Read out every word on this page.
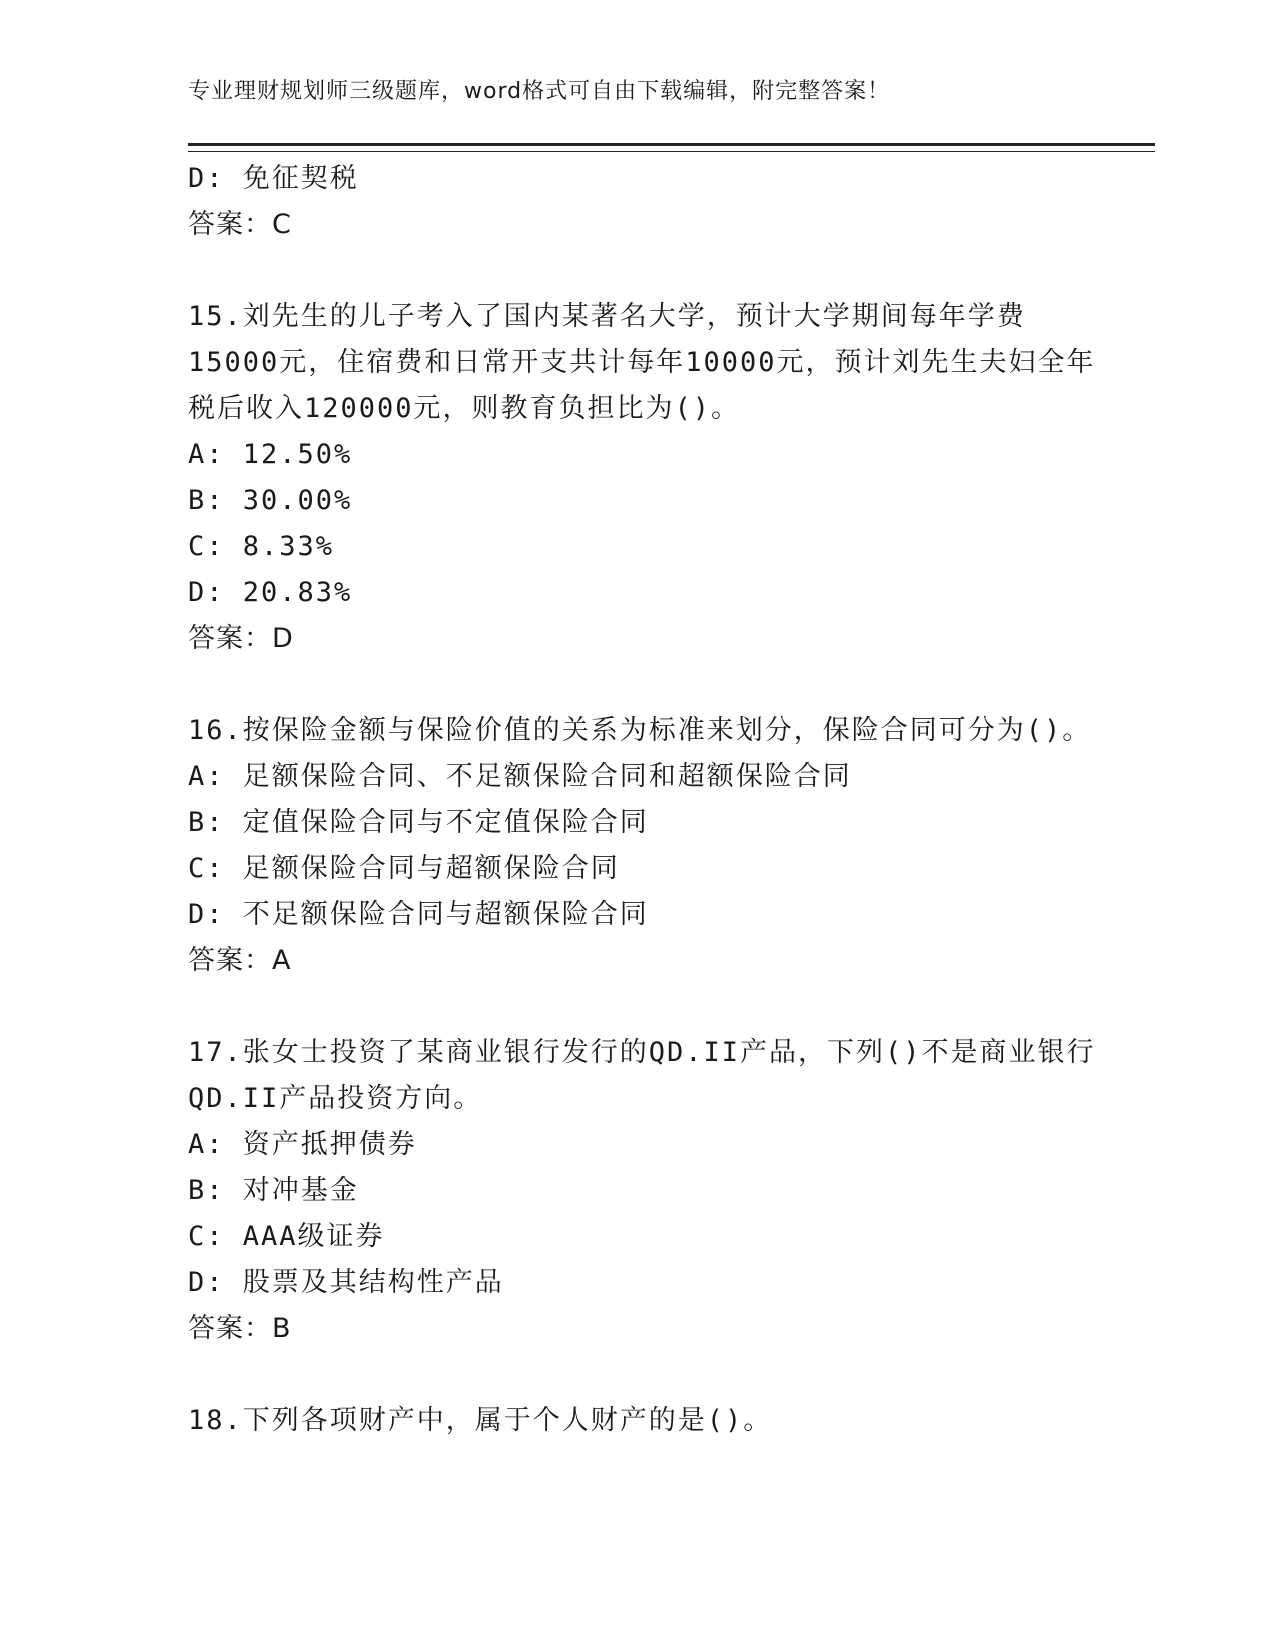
专业理财规划师三级题库，word格式可自由下载编辑，附完整答案！
D: 免征契税
答案：C
15.刘先生的儿子考入了国内某著名大学，预计大学期间每年学费
15000元，住宿费和日常开支共计每年10000元，预计刘先生夫妇全年
税后收入120000元，则教育负担比为()。
A: 12.50%
B: 30.00%
C: 8.33%
D: 20.83%
答案：D
16.按保险金额与保险价值的关系为标准来划分，保险合同可分为()。
A: 足额保险合同、不足额保险合同和超额保险合同
B: 定值保险合同与不定值保险合同
C: 足额保险合同与超额保险合同
D: 不足额保险合同与超额保险合同
答案：A
17.张女士投资了某商业银行发行的QD.II产品，下列()不是商业银行
QD.II产品投资方向。
A: 资产抵押债券
B: 对冲基金
C: AAA级证券
D: 股票及其结构性产品
答案：B
18.下列各项财产中，属于个人财产的是()。
